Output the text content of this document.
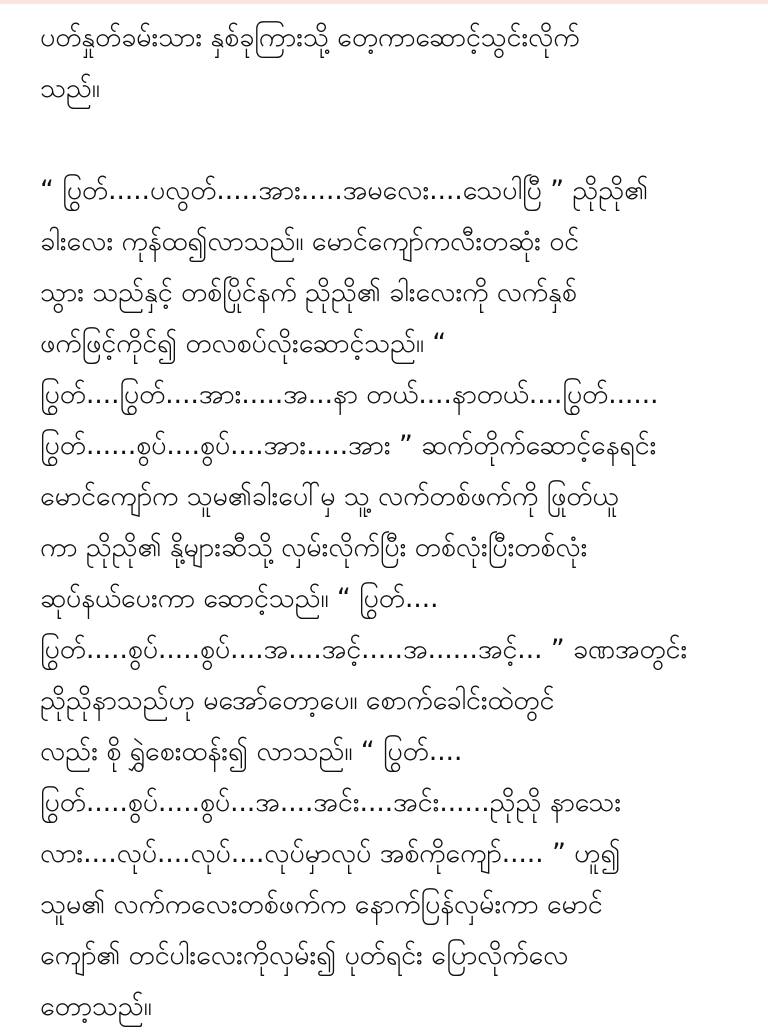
ပတ်နှုတ်ခမ်းသား နှစ်ခုကြားသို့ တေ့ကာဆောင့်သွင်းလိုက်
သည်။
“ ပြွတ်.....ပလွတ်.....အား.....အမလေး....သေပါပြီ ” ညိုညို၏
ခါးလေး ကုန်ထ၍လာသည်။ မောင်ကျော်ကလီးတဆုံး ဝင်
သွား သည်နှင့် တစ်ပြိုင်နက် ညိုညို၏ ခါးလေးကို လက်နှစ်
ဖက်ဖြင့်ကိုင်၍ တလစပ်လိုးဆောင့်သည်။ “
ပြွတ်....ပြွတ်....အား.....အ...နာ တယ်....နာတယ်....ပြွတ်......
ပြွတ်......စွပ်....စွပ်....အား.....အား ” ဆက်တိုက်ဆောင့်နေရင်း
မောင်ကျော်က သူမ၏ခါးပေါ်မှ သူ့ လက်တစ်ဖက်ကို ဖြုတ်ယူ
ကာ ညိုညို၏ နို့များဆီသို့ လှမ်းလိုက်ပြီး တစ်လုံးပြီးတစ်လုံး
ဆုပ်နယ်ပေးကာ ဆောင့်သည်။ “ ပြွတ်....
ပြွတ်.....စွပ်.....စွပ်....အ....အင့်.....အ......အင့်... ” ခဏအတွင်း
ညိုညိုနာသည်ဟု မအော်တော့ပေ။ စောက်ခေါင်းထဲတွင်
လည်း စို ရွှဲစေးထန်း၍ လာသည်။ “ ပြွတ်....
ပြွတ်.....စွပ်.....စွပ်...အ....အင်း....အင်း......ညိုညို နာသေး
လား....လုပ်....လုပ်....လုပ်မှာလုပ် အစ်ကိုကျော်..... ” ဟူ၍
သူမ၏ လက်ကလေးတစ်ဖက်က နောက်ပြန်လှမ်းကာ မောင်
ကျော်၏ တင်ပါးလေးကိုလှမ်း၍ ပုတ်ရင်း ပြောလိုက်လေ
တော့သည်။
